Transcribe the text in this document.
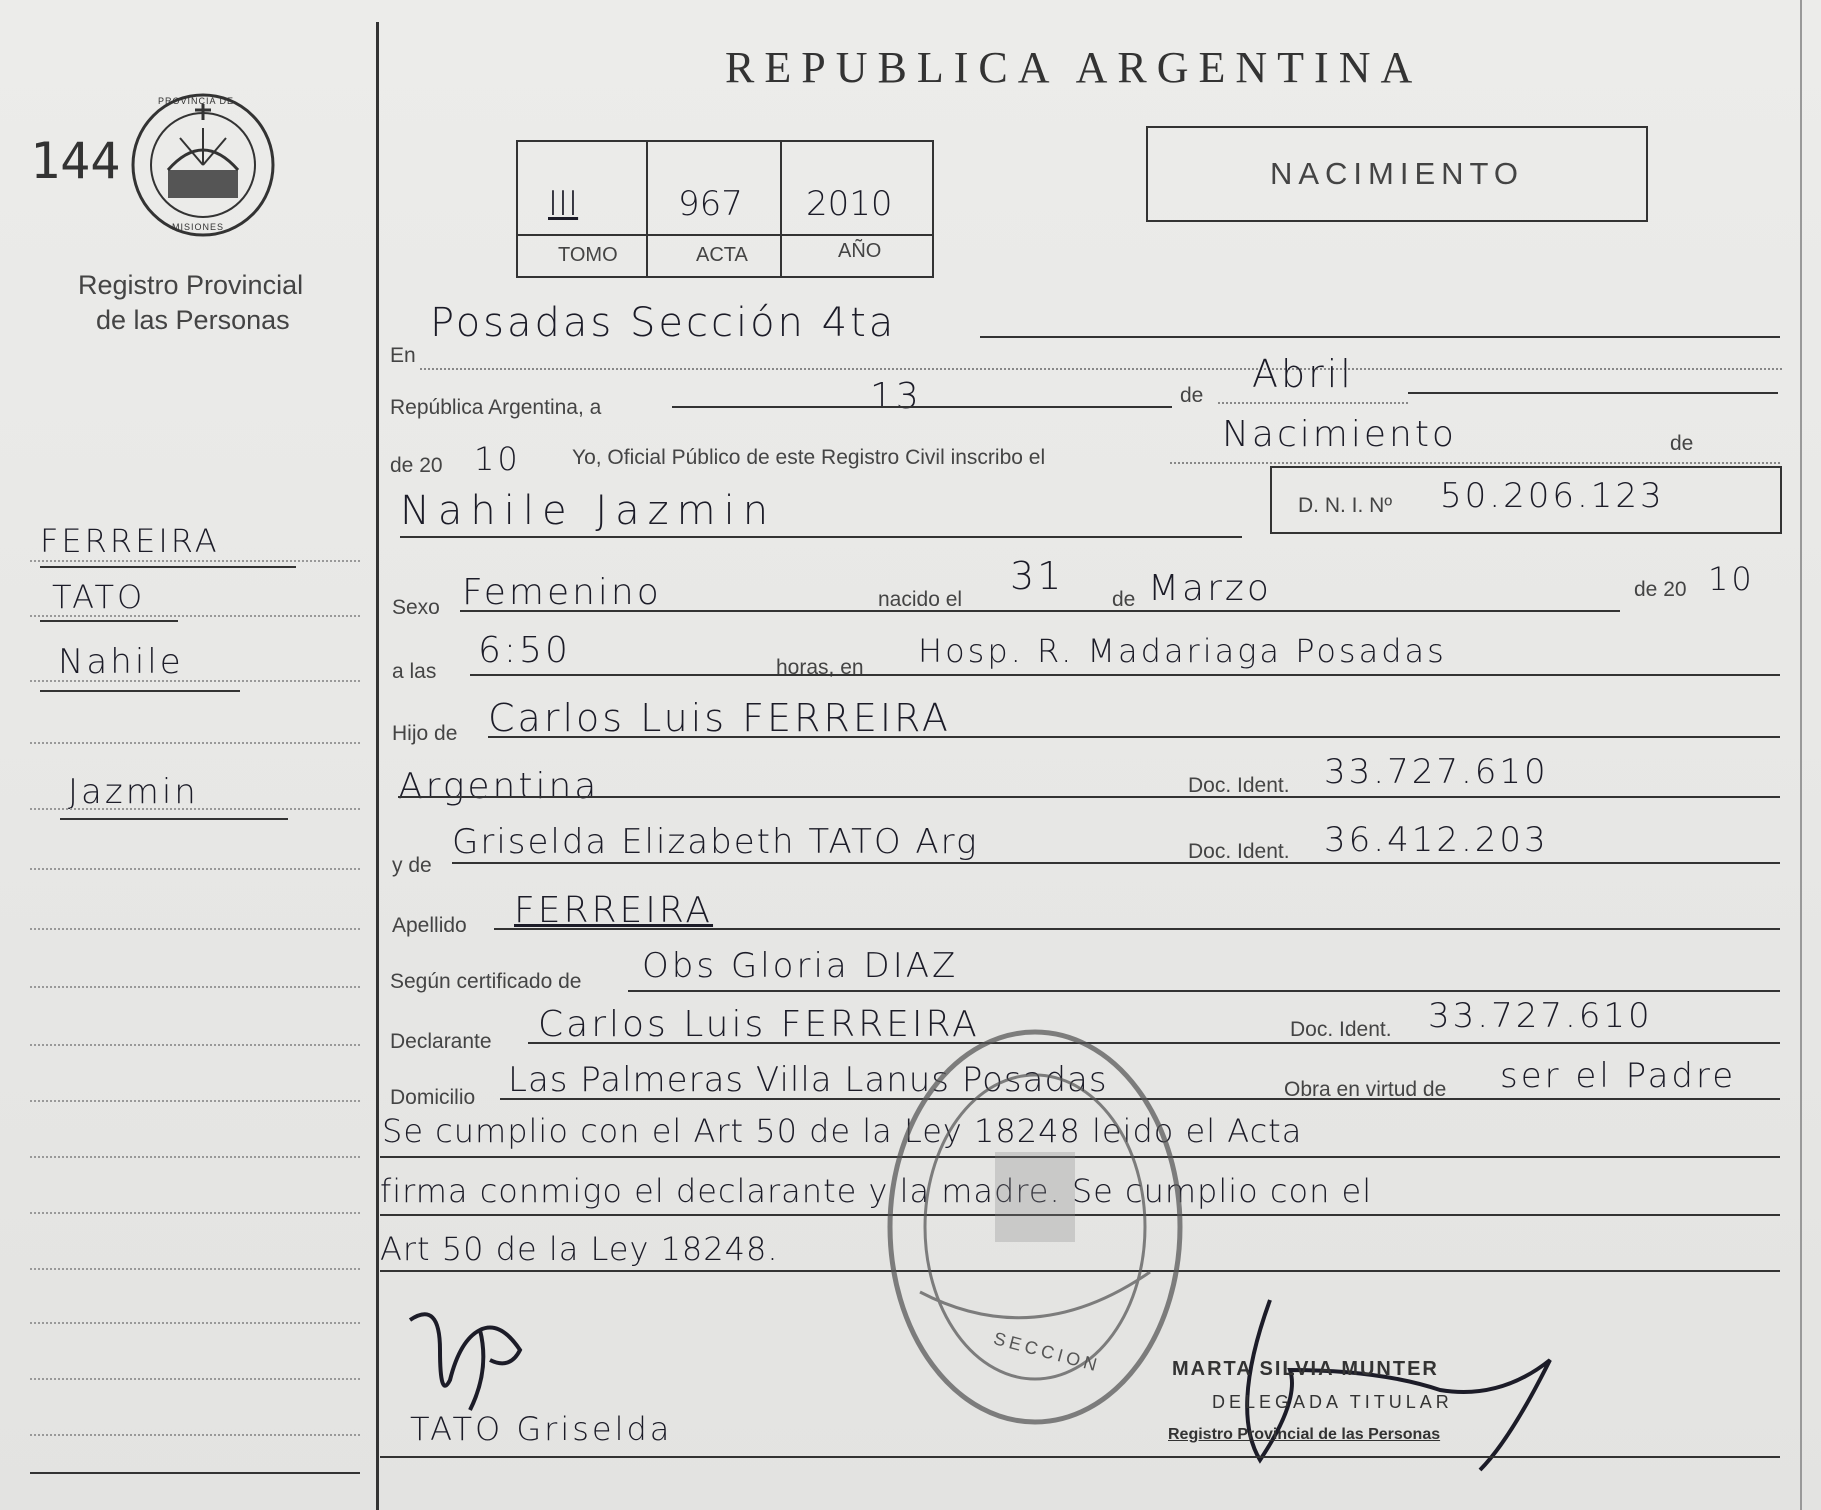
144
PROVINCIA DE
MISIONES
Registro Provincial
de las Personas
FERREIRA
TATO
Nahile
Jazmin
REPUBLICA ARGENTINA
III	967 2010
TOMO	ACTA	AÑO
NACIMIENTO
En
Posadas Sección 4ta
República Argentina, a	13	de Abril
de 20 10 Yo, Oficial Público de este Registro Civil inscribo el
Nacimiento	de
Nahile Jazmin	D. N. I. Nº 50.206.123
Sexo Femenino	nacido el
31
de Marzo	de 20 10
a las
6:50	horas, en Hosp. R. Madariaga Posadas
Hijo de Carlos Luis FERREIRA
Argentina	Doc. Ident. 33.727.610
y de
Griselda Elizabeth TATO Arg	Doc. Ident. 36.412.203
Apellido FERREIRA
Según certificado de Obs Gloria DIAZ
Declarante Carlos Luis FERREIRA	Doc. Ident. 33.727.610
Domicilio Las Palmeras Villa Lanus Posadas	Obra en virtud de ser el Padre
Se cumplio con el Art 50 de la Ley 18248 leido el Acta
firma conmigo el declarante y la madre. Se cumplio con el
Art 50 de la Ley 18248.
SECCION
TATO Griselda
MARTA SILVIA MUNTER
DELEGADA TITULAR
Registro Provincial de las Personas
